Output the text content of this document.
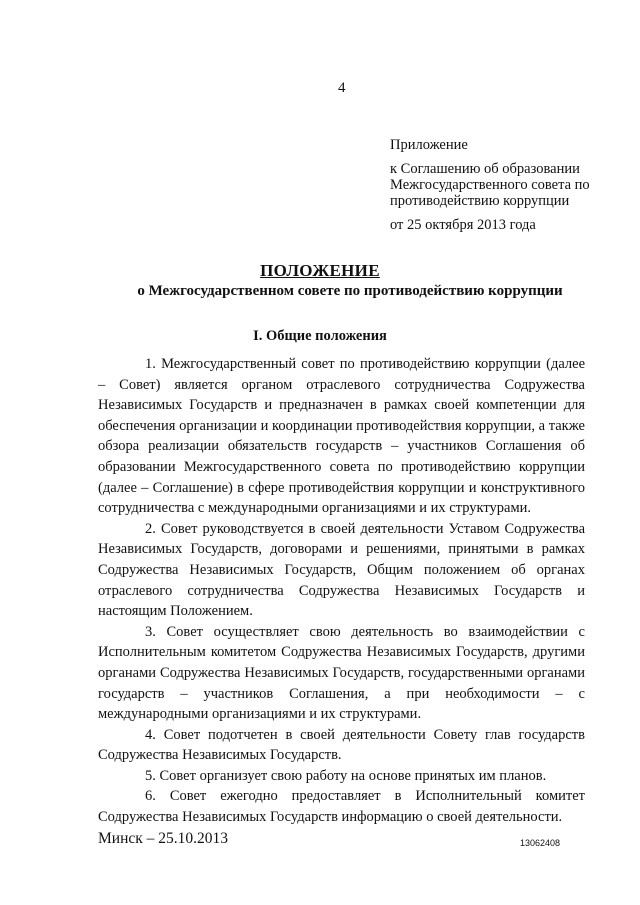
4
Приложение
к Соглашению об образовании
Межгосударственного совета по
противодействию коррупции
от 25 октября 2013 года
ПОЛОЖЕНИЕ
о Межгосударственном совете по противодействию коррупции
I. Общие положения

1. Межгосударственный совет по противодействию коррупции (далее – Совет) является органом отраслевого сотрудничества Содружества Независимых Государств и предназначен в рамках своей компетенции для обеспечения организации и координации противодействия коррупции, а также обзора реализации обязательств государств – участников Соглашения об образовании Межгосударственного совета по противодействию коррупции (далее – Соглашение) в сфере противодействия коррупции и конструктивного сотрудничества с международными организациями и их структурами.

2. Совет руководствуется в своей деятельности Уставом Содружества Независимых Государств, договорами и решениями, принятыми в рамках Содружества Независимых Государств, Общим положением об органах отраслевого сотрудничества Содружества Независимых Государств и настоящим Положением.

3. Совет осуществляет свою деятельность во взаимодействии с Исполнительным комитетом Содружества Независимых Государств, другими органами Содружества Независимых Государств, государственными органами государств – участников Соглашения, а при необходимости – с международными организациями и их структурами.

4. Совет подотчетен в своей деятельности Совету глав государств Содружества Независимых Государств.

5. Совет организует свою работу на основе принятых им планов.

6. Совет ежегодно предоставляет в Исполнительный комитет Содружества Независимых Государств информацию о своей деятельности.

Минск – 25.10.2013	13062408
